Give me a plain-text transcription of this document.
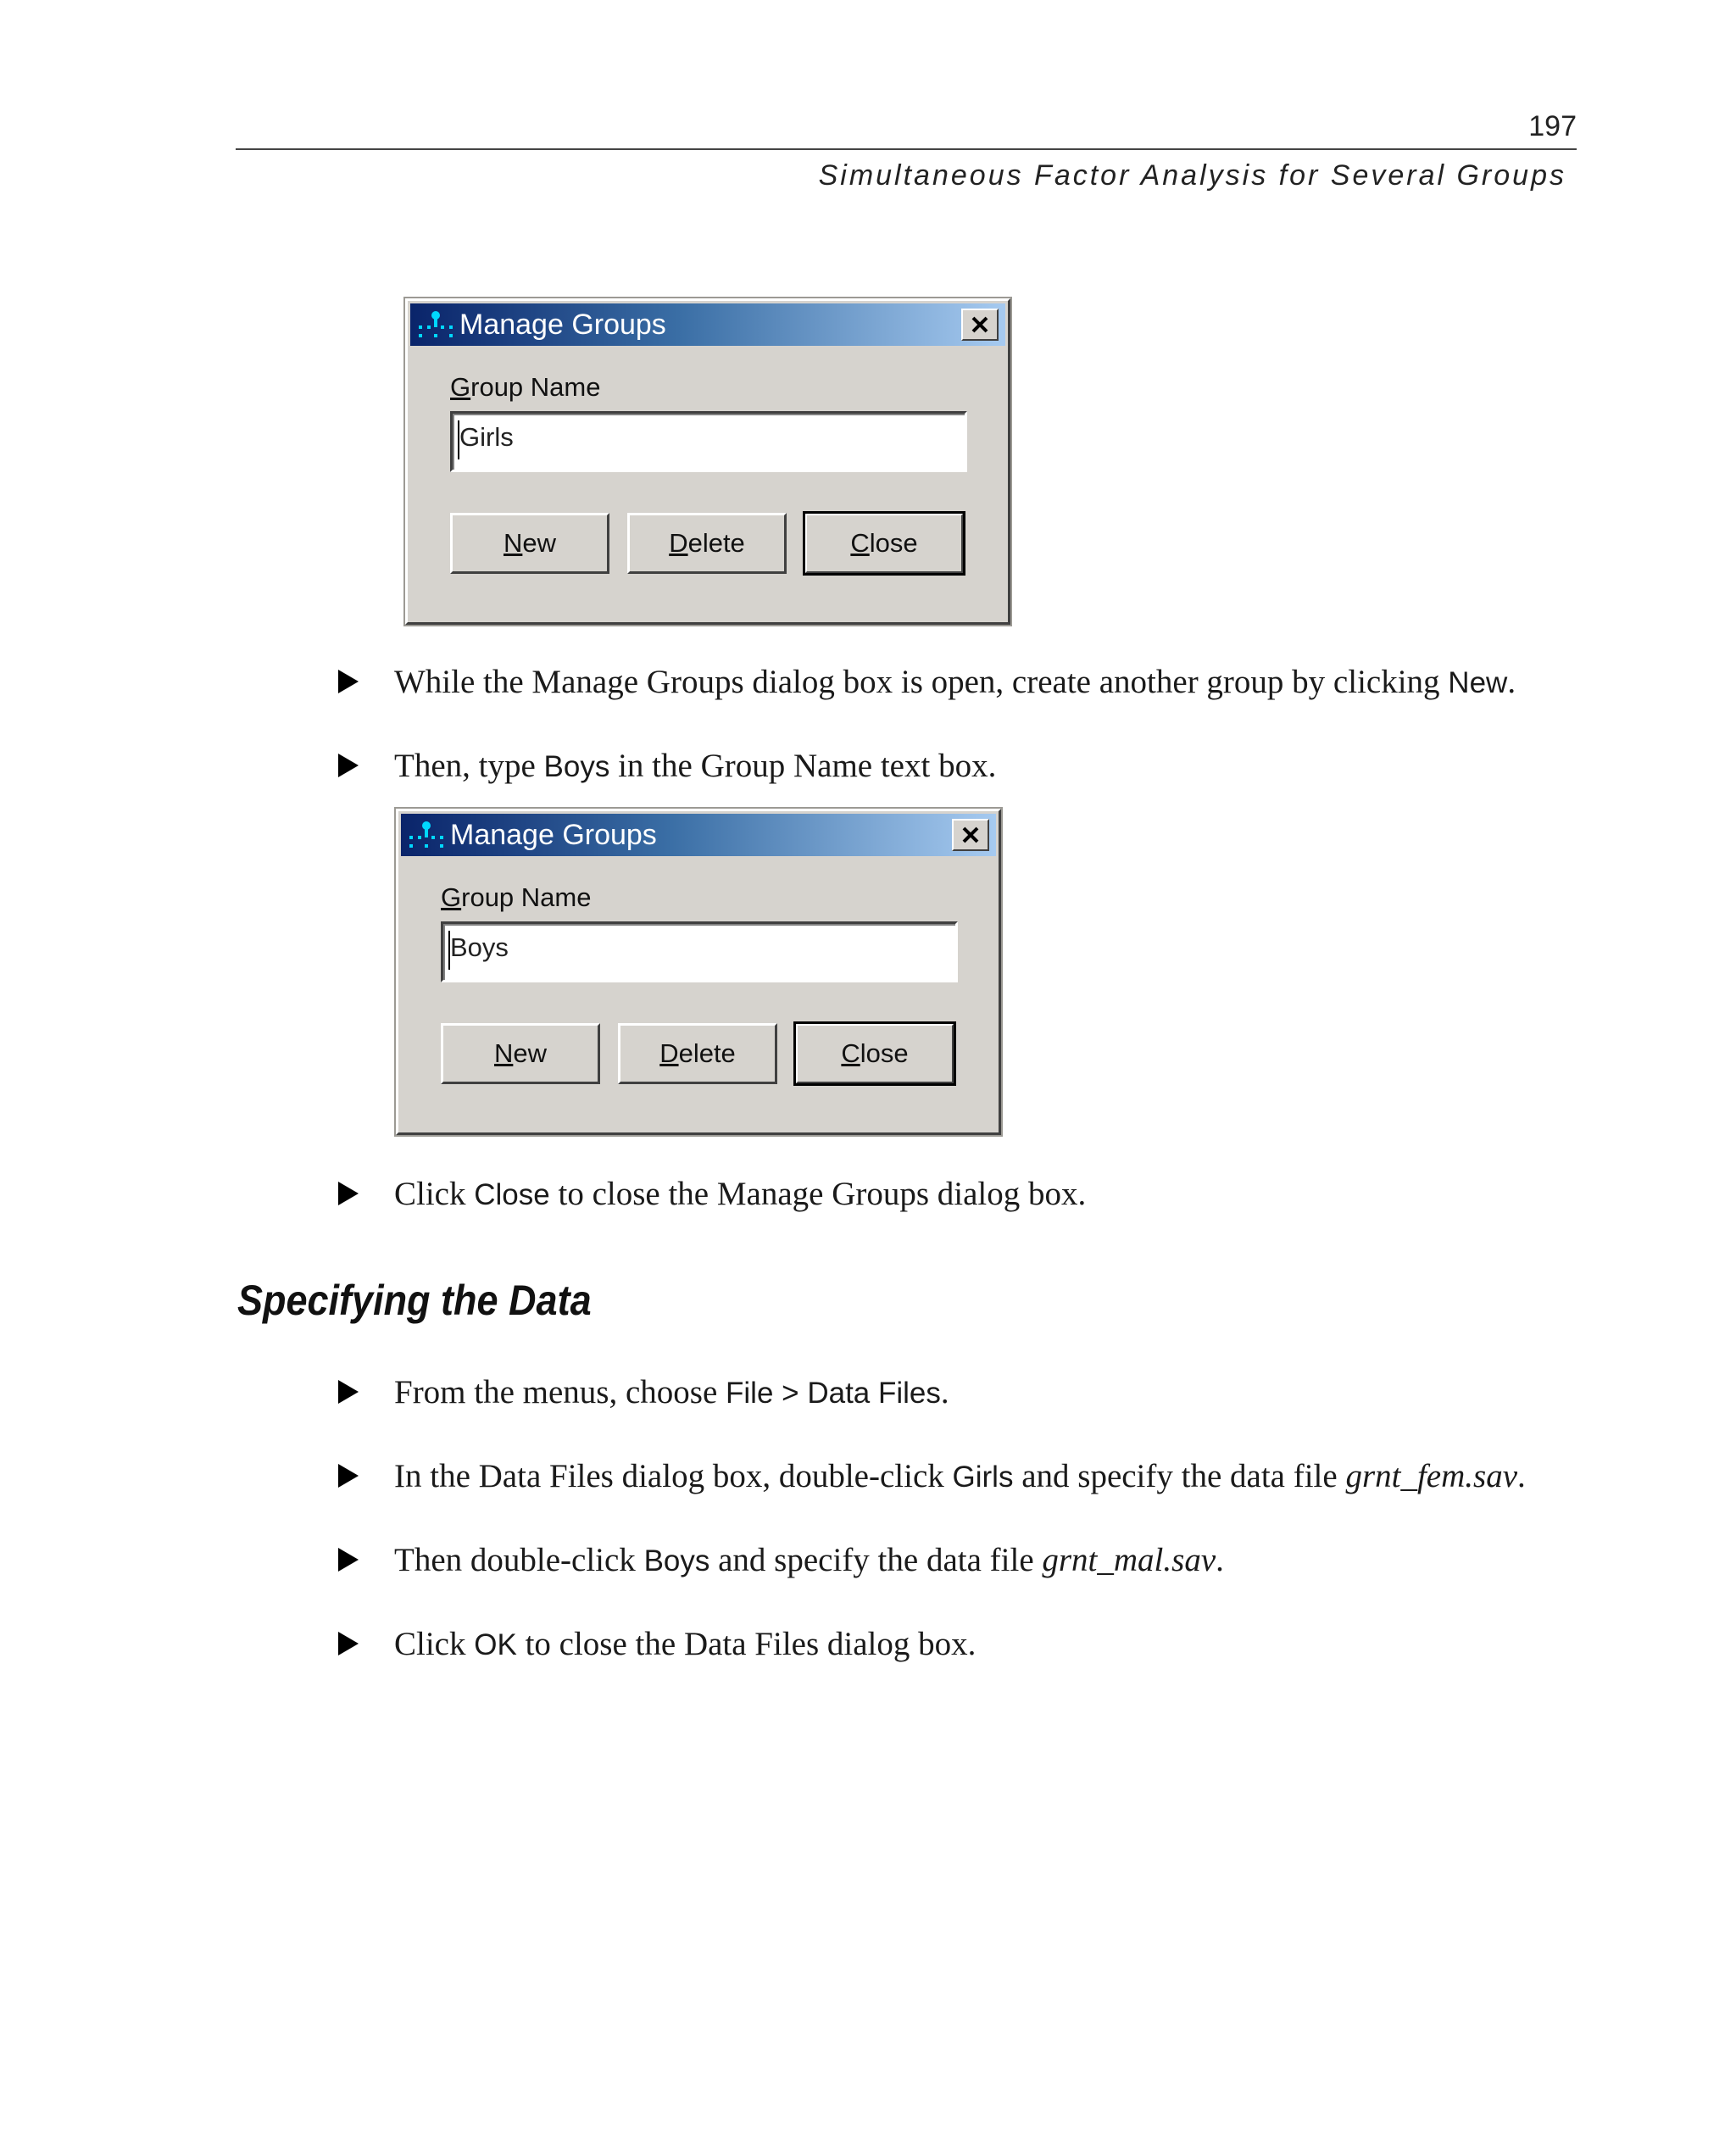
197
Simultaneous Factor Analysis for Several Groups
Manage Groups
Group Name
Girls
N ew	D elete	C lose
While the Manage Groups dialog box is open, create another group by clicking New.
Then, type Boys in the Group Name text box.
Manage Groups
Group Name
Boys
N ew	D elete	C lose
Click Close to close the Manage Groups dialog box.
Specifying the Data
From the menus, choose File > Data Files.
In the Data Files dialog box, double-click Girls and specify the data file grnt_fem.sav.
Then double-click Boys and specify the data file grnt_mal.sav.
Click OK to close the Data Files dialog box.
